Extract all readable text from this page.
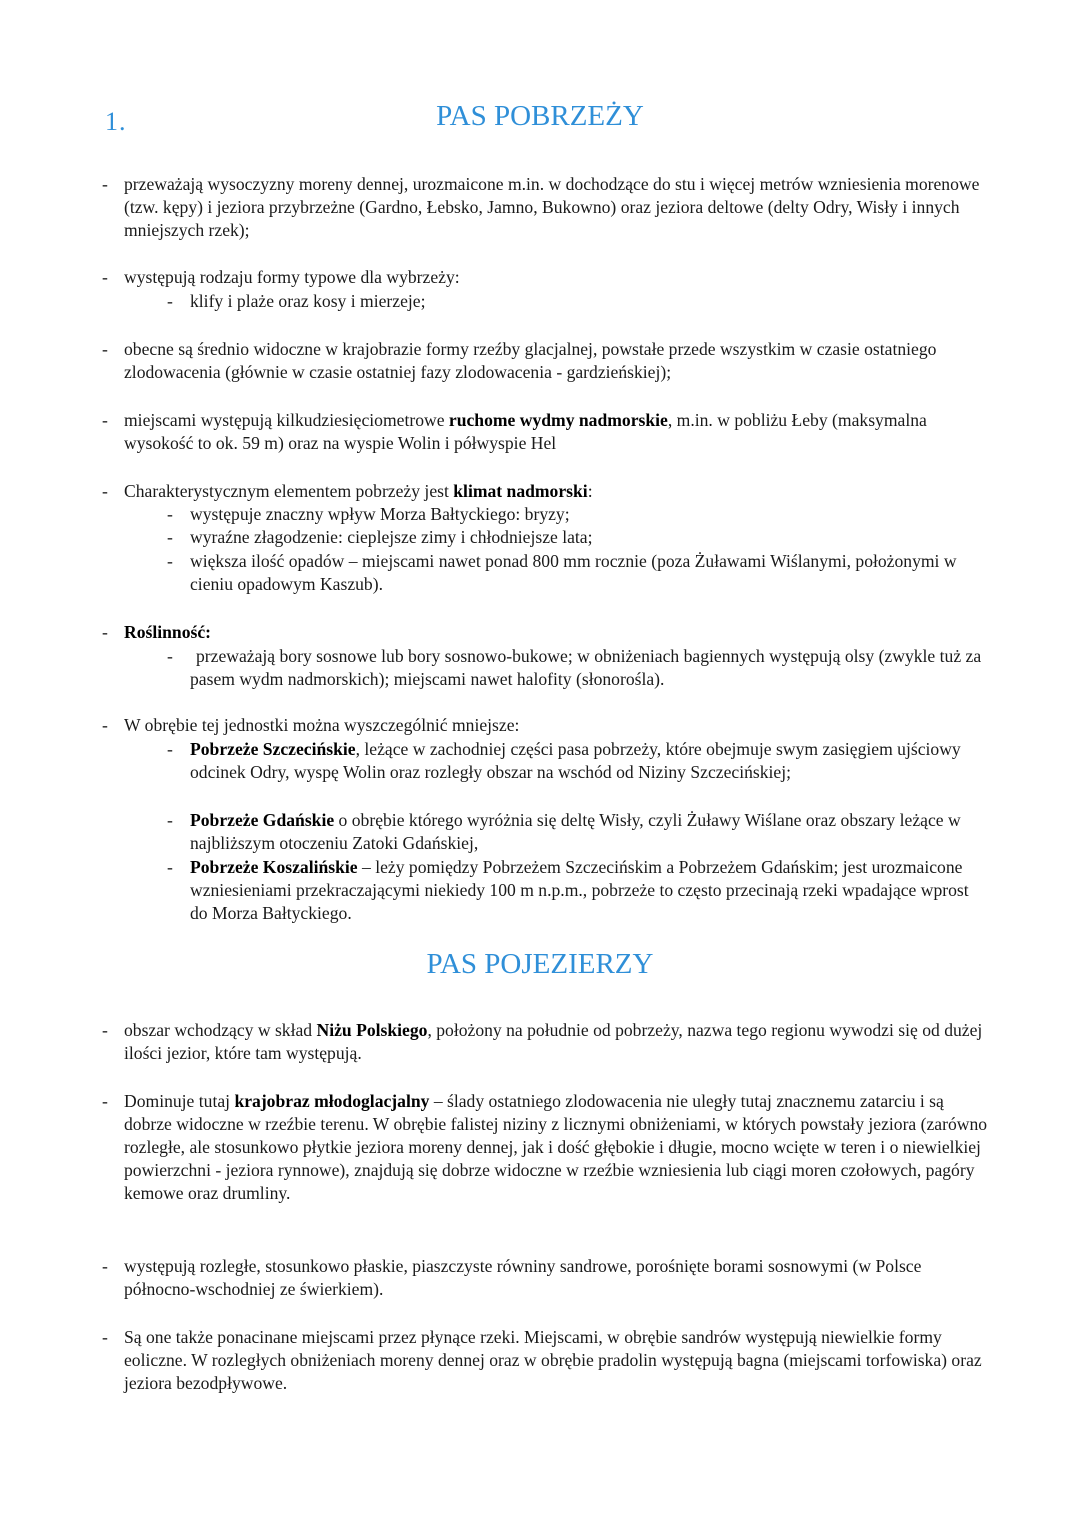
1.	PAS POBRZEŻY

- przeważają wysoczyzny moreny dennej, urozmaicone m.in. w dochodzące do stu i więcej metrów wzniesienia morenowe (tzw. kępy) i jeziora przybrzeżne (Gardno, Łebsko, Jamno, Bukowno) oraz jeziora deltowe (delty Odry, Wisły i innych mniejszych rzek);

- występują rodzaju formy typowe dla wybrzeży:

- klify i plaże oraz kosy i mierzeje;

- obecne są średnio widoczne w krajobrazie formy rzeźby glacjalnej, powstałe przede wszystkim w czasie ostatniego zlodowacenia (głównie w czasie ostatniej fazy zlodowacenia - gardzieńskiej);

- miejscami występują kilkudziesięciometrowe ruchome wydmy nadmorskie, m.in. w pobliżu Łeby (maksymalna wysokość to ok. 59 m) oraz na wyspie Wolin i półwyspie Hel

- Charakterystycznym elementem pobrzeży jest klimat nadmorski:

- występuje znaczny wpływ Morza Bałtyckiego: bryzy;

- wyraźne złagodzenie: cieplejsze zimy i chłodniejsze lata;

- większa ilość opadów – miejscami nawet ponad 800 mm rocznie (poza Żuławami Wiślanymi, położonymi w cieniu opadowym Kaszub).

- Roślinność:

- przeważają bory sosnowe lub bory sosnowo-bukowe; w obniżeniach bagiennych występują olsy (zwykle tuż za pasem wydm nadmorskich); miejscami nawet halofity (słonorośla).

- W obrębie tej jednostki można wyszczególnić mniejsze:

- Pobrzeże Szczecińskie, leżące w zachodniej części pasa pobrzeży, które obejmuje swym zasięgiem ujściowy odcinek Odry, wyspę Wolin oraz rozległy obszar na wschód od Niziny Szczecińskiej;

- Pobrzeże Gdańskie o obrębie którego wyróżnia się deltę Wisły, czyli Żuławy Wiślane oraz obszary leżące w najbliższym otoczeniu Zatoki Gdańskiej,

- Pobrzeże Koszalińskie – leży pomiędzy Pobrzeżem Szczecińskim a Pobrzeżem Gdańskim; jest urozmaicone wzniesieniami przekraczającymi niekiedy 100 m n.p.m., pobrzeże to często przecinają rzeki wpadające wprost do Morza Bałtyckiego.

PAS POJEZIERZY

- obszar wchodzący w skład Niżu Polskiego, położony na południe od pobrzeży, nazwa tego regionu wywodzi się od dużej ilości jezior, które tam występują.

- Dominuje tutaj krajobraz młodoglacjalny – ślady ostatniego zlodowacenia nie uległy tutaj znacznemu zatarciu i są dobrze widoczne w rzeźbie terenu. W obrębie falistej niziny z licznymi obniżeniami, w których powstały jeziora (zarówno rozległe, ale stosunkowo płytkie jeziora moreny dennej, jak i dość głębokie i długie, mocno wcięte w teren i o niewielkiej powierzchni - jeziora rynnowe), znajdują się dobrze widoczne w rzeźbie wzniesienia lub ciągi moren czołowych, pagóry kemowe oraz drumliny.

- występują rozległe, stosunkowo płaskie, piaszczyste równiny sandrowe, porośnięte borami sosnowymi (w Polsce północno-wschodniej ze świerkiem).

- Są one także ponacinane miejscami przez płynące rzeki. Miejscami, w obrębie sandrów występują niewielkie formy eoliczne. W rozległych obniżeniach moreny dennej oraz w obrębie pradolin występują bagna (miejscami torfowiska) oraz jeziora bezodpływowe.
